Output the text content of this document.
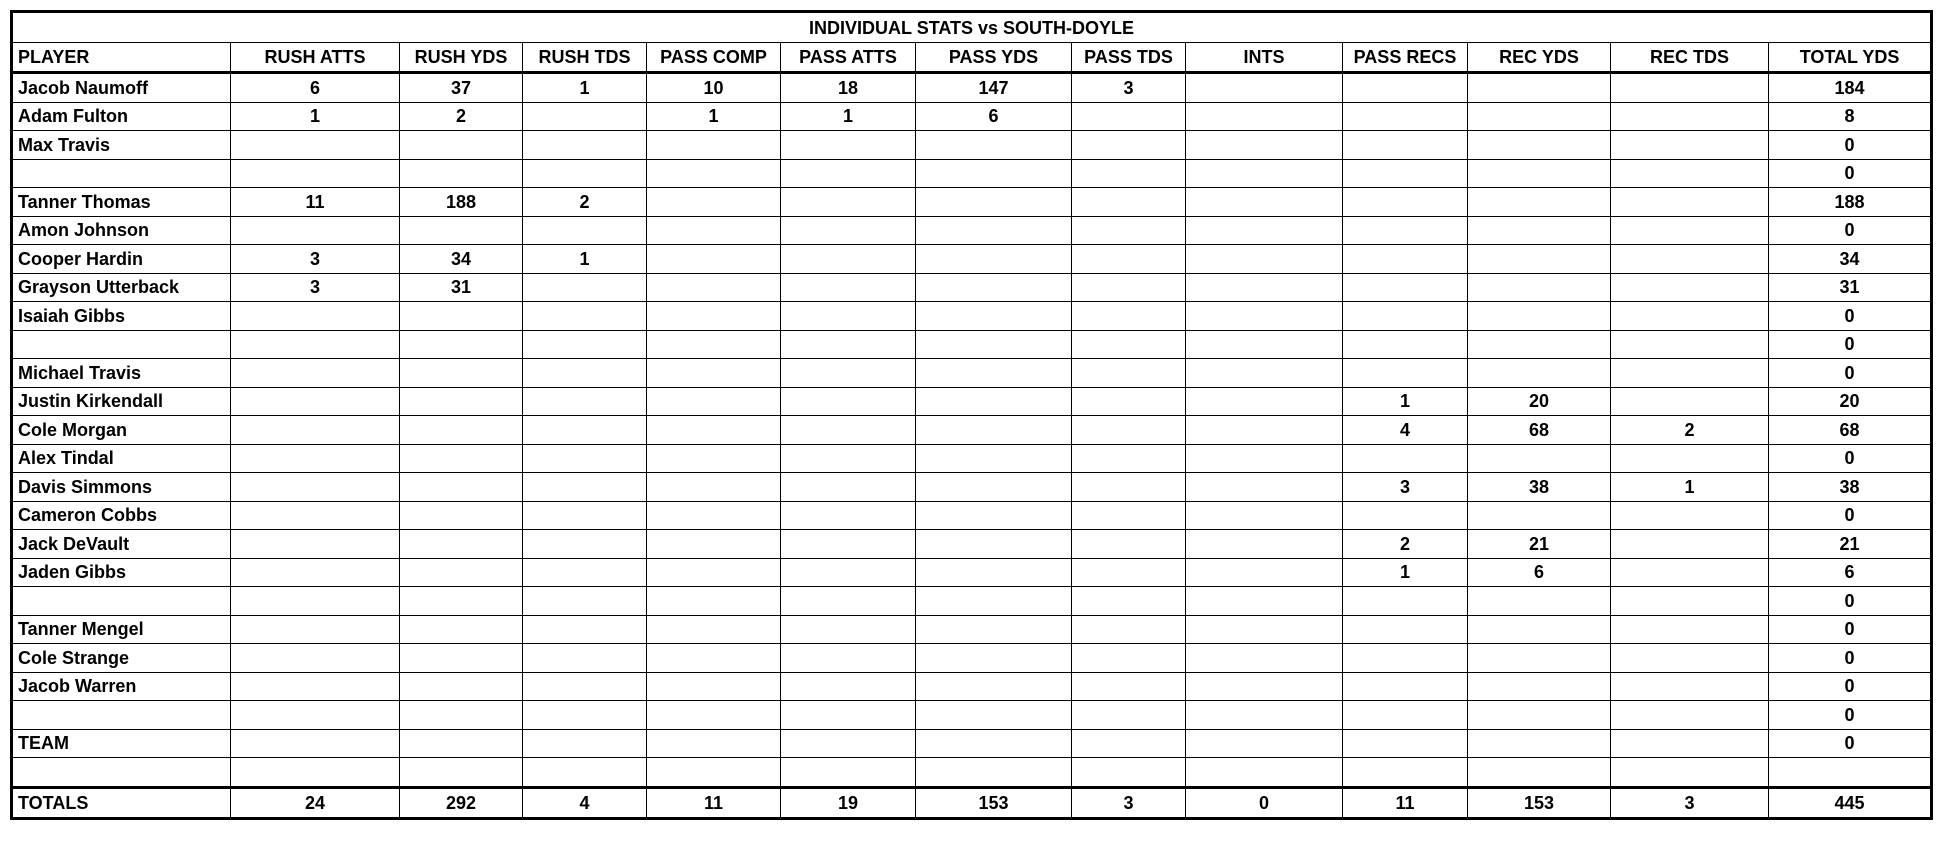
INDIVIDUAL STATS vs SOUTH-DOYLE												
PLAYER	RUSH ATTS	RUSH YDS	RUSH TDS	PASS COMP	PASS ATTS	PASS YDS	PASS TDS	INTS	PASS RECS	REC YDS	REC TDS	TOTAL YDS
Jacob Naumoff	6	37	1	10	18	147	3					184
Adam Fulton	1	2		1	1	6						8
Max Travis												0
												0
Tanner Thomas	11	188	2									188
Amon Johnson												0
Cooper Hardin	3	34	1									34
Grayson Utterback	3	31										31
Isaiah Gibbs												0
												0
Michael Travis												0
Justin Kirkendall									1	20		20
Cole Morgan									4	68	2	68
Alex Tindal												0
Davis Simmons									3	38	1	38
Cameron Cobbs												0
Jack DeVault									2	21		21
Jaden Gibbs									1	6		6
												0
Tanner Mengel												0
Cole Strange												0
Jacob Warren												0
												0
TEAM												0

TOTALS	24	292	4	11	19	153	3	0	11	153	3	445
